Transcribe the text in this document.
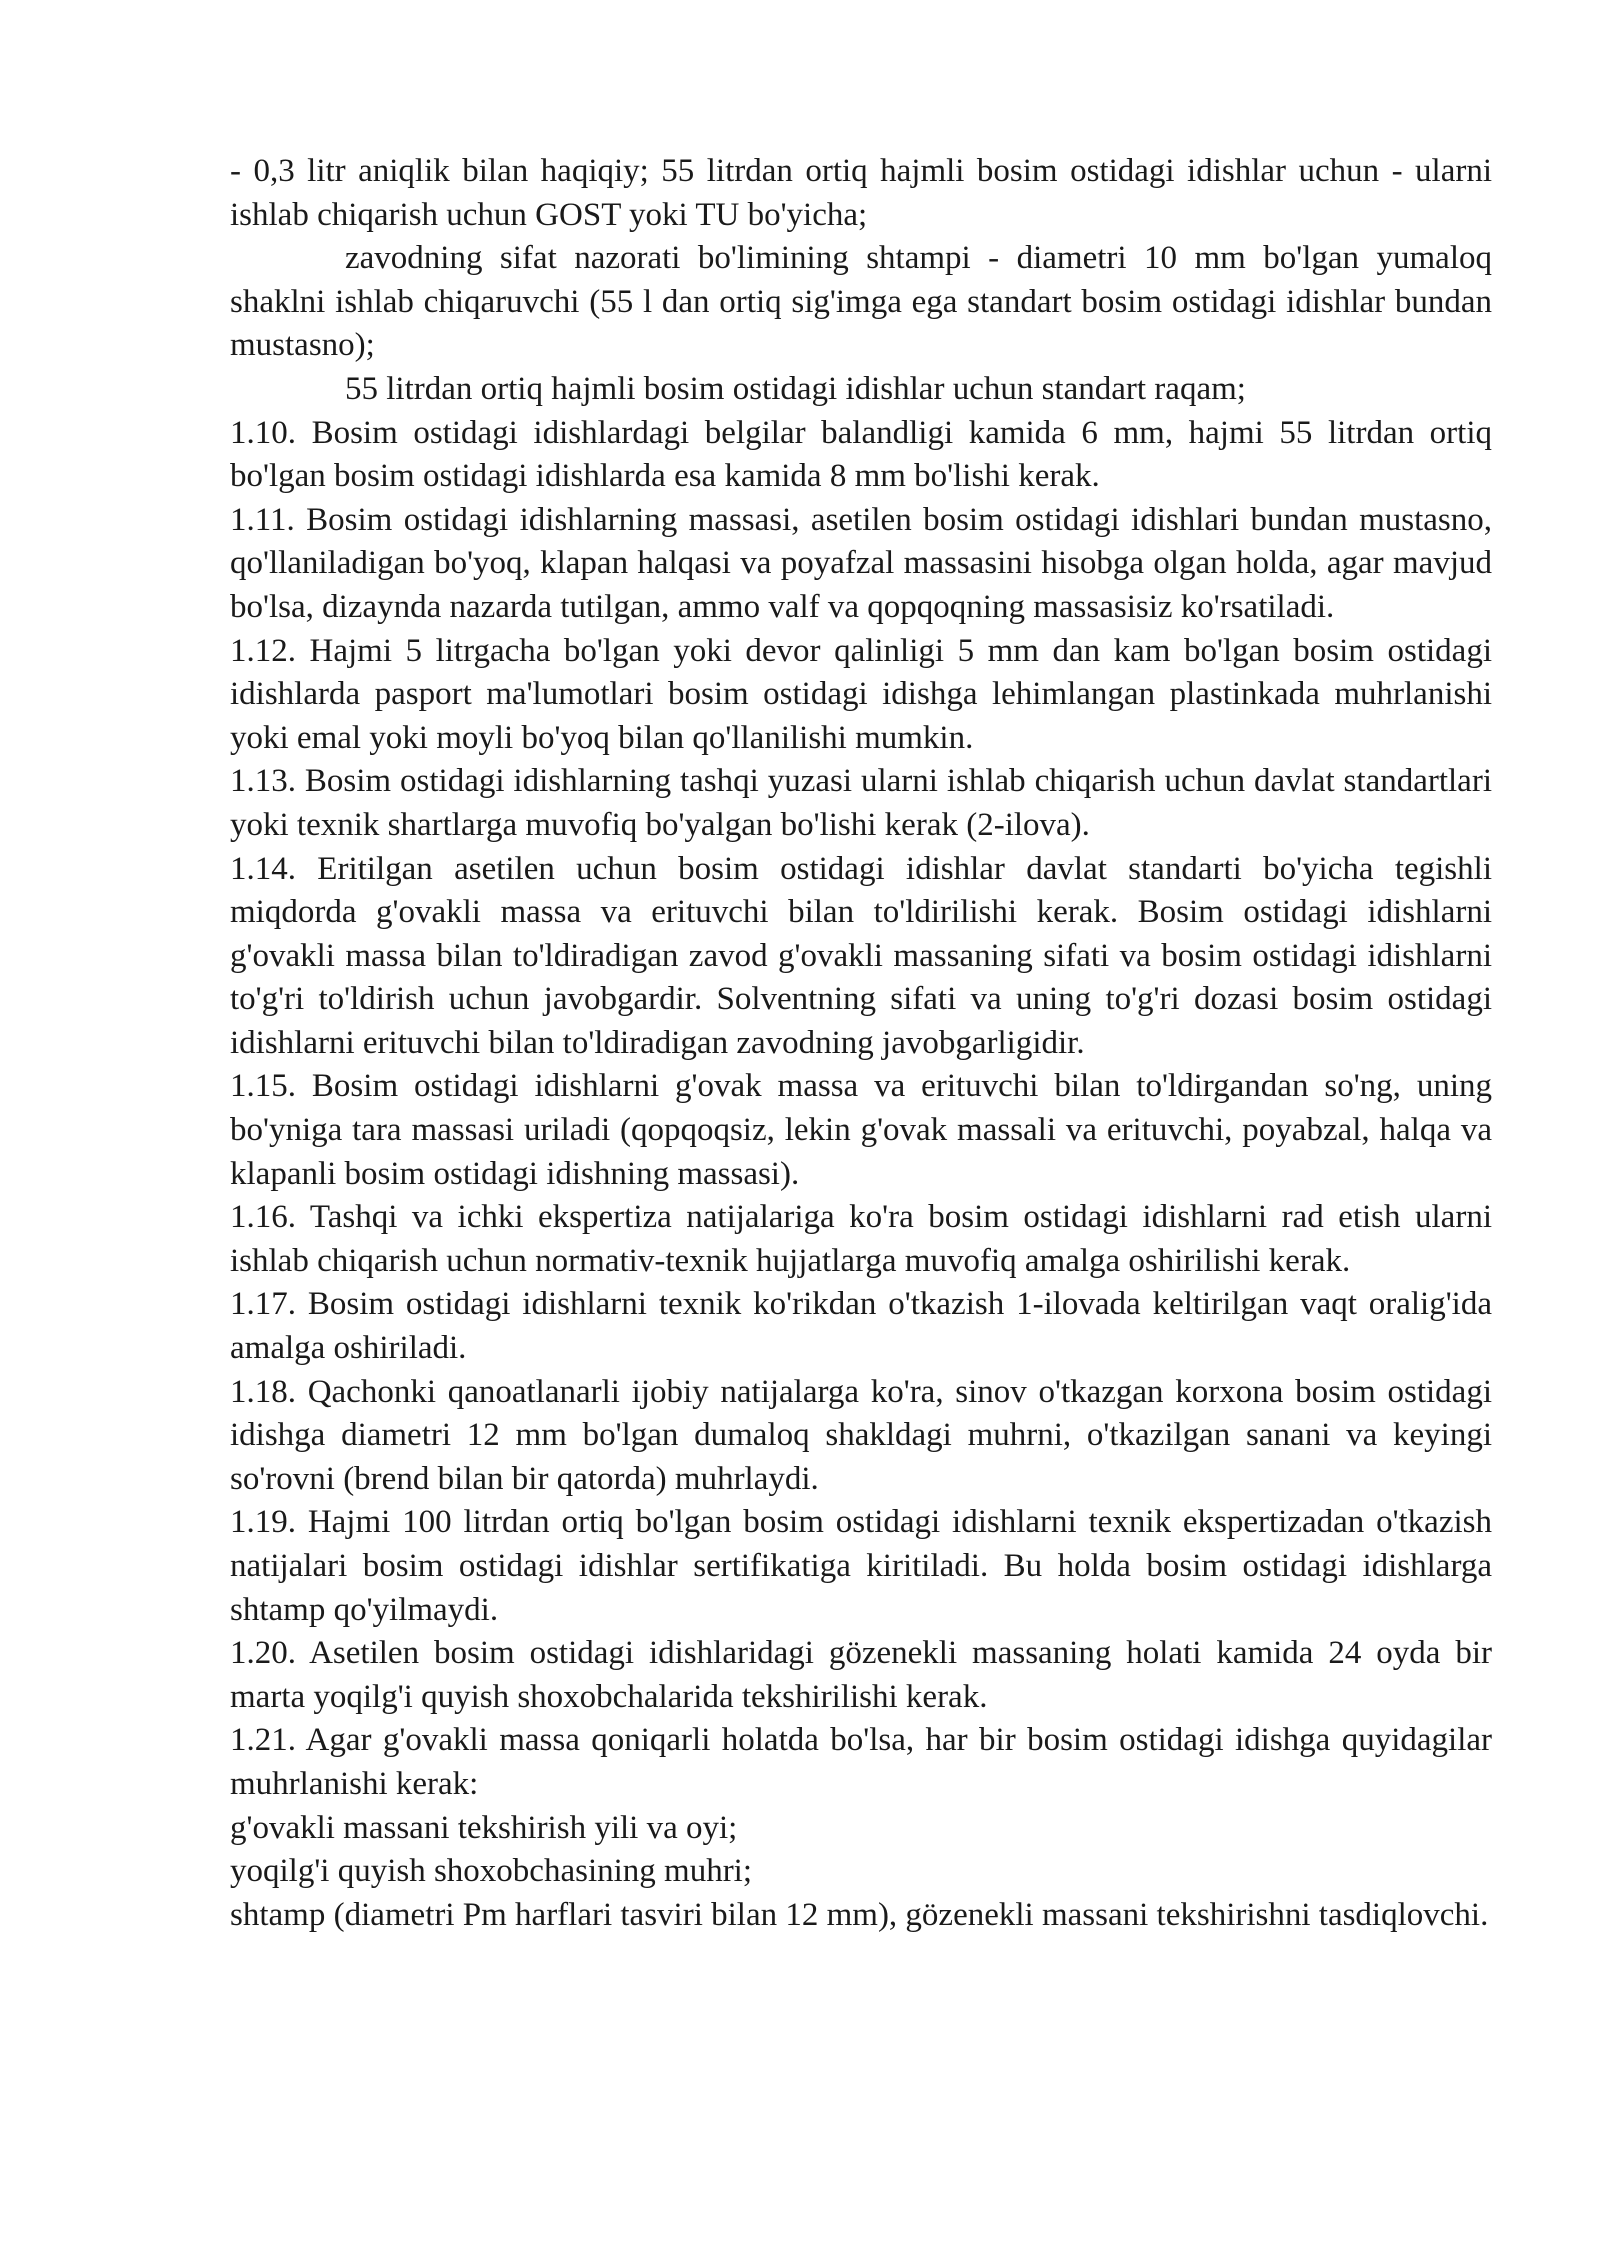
- 0,3 litr aniqlik bilan haqiqiy; 55 litrdan ortiq hajmli bosim ostidagi idishlar uchun - ularni ishlab chiqarish uchun GOST yoki TU bo'yicha;

zavodning sifat nazorati bo'limining shtampi - diametri 10 mm bo'lgan yumaloq shaklni ishlab chiqaruvchi (55 l dan ortiq sig'imga ega standart bosim ostidagi idishlar bundan mustasno);

55 litrdan ortiq hajmli bosim ostidagi idishlar uchun standart raqam;

1.10. Bosim ostidagi idishlardagi belgilar balandligi kamida 6 mm, hajmi 55 litrdan ortiq bo'lgan bosim ostidagi idishlarda esa kamida 8 mm bo'lishi kerak.

1.11. Bosim ostidagi idishlarning massasi, asetilen bosim ostidagi idishlari bundan mustasno, qo'llaniladigan bo'yoq, klapan halqasi va poyafzal massasini hisobga olgan holda, agar mavjud bo'lsa, dizaynda nazarda tutilgan, ammo valf va qopqoqning massasisiz ko'rsatiladi.

1.12. Hajmi 5 litrgacha bo'lgan yoki devor qalinligi 5 mm dan kam bo'lgan bosim ostidagi idishlarda pasport ma'lumotlari bosim ostidagi idishga lehimlangan plastinkada muhrlanishi yoki emal yoki moyli bo'yoq bilan qo'llanilishi mumkin.

1.13. Bosim ostidagi idishlarning tashqi yuzasi ularni ishlab chiqarish uchun davlat standartlari yoki texnik shartlarga muvofiq bo'yalgan bo'lishi kerak (2-ilova).

1.14. Eritilgan asetilen uchun bosim ostidagi idishlar davlat standarti bo'yicha tegishli miqdorda g'ovakli massa va erituvchi bilan to'ldirilishi kerak. Bosim ostidagi idishlarni g'ovakli massa bilan to'ldiradigan zavod g'ovakli massaning sifati va bosim ostidagi idishlarni to'g'ri to'ldirish uchun javobgardir. Solventning sifati va uning to'g'ri dozasi bosim ostidagi idishlarni erituvchi bilan to'ldiradigan zavodning javobgarligidir.

1.15. Bosim ostidagi idishlarni g'ovak massa va erituvchi bilan to'ldirgandan so'ng, uning bo'yniga tara massasi uriladi (qopqoqsiz, lekin g'ovak massali va erituvchi, poyabzal, halqa va klapanli bosim ostidagi idishning massasi).

1.16. Tashqi va ichki ekspertiza natijalariga ko'ra bosim ostidagi idishlarni rad etish ularni ishlab chiqarish uchun normativ-texnik hujjatlarga muvofiq amalga oshirilishi kerak.

1.17. Bosim ostidagi idishlarni texnik ko'rikdan o'tkazish 1-ilovada keltirilgan vaqt oralig'ida amalga oshiriladi.

1.18. Qachonki qanoatlanarli ijobiy natijalarga ko'ra, sinov o'tkazgan korxona bosim ostidagi idishga diametri 12 mm bo'lgan dumaloq shakldagi muhrni, o'tkazilgan sanani va keyingi so'rovni (brend bilan bir qatorda) muhrlaydi.

1.19. Hajmi 100 litrdan ortiq bo'lgan bosim ostidagi idishlarni texnik ekspertizadan o'tkazish natijalari bosim ostidagi idishlar sertifikatiga kiritiladi. Bu holda bosim ostidagi idishlarga shtamp qo'yilmaydi.

1.20. Asetilen bosim ostidagi idishlaridagi gözenekli massaning holati kamida 24 oyda bir marta yoqilg'i quyish shoxobchalarida tekshirilishi kerak.

1.21. Agar g'ovakli massa qoniqarli holatda bo'lsa, har bir bosim ostidagi idishga quyidagilar muhrlanishi kerak:

g'ovakli massani tekshirish yili va oyi;

yoqilg'i quyish shoxobchasining muhri;

shtamp (diametri Pm harflari tasviri bilan 12 mm), gözenekli massani tekshirishni tasdiqlovchi.
